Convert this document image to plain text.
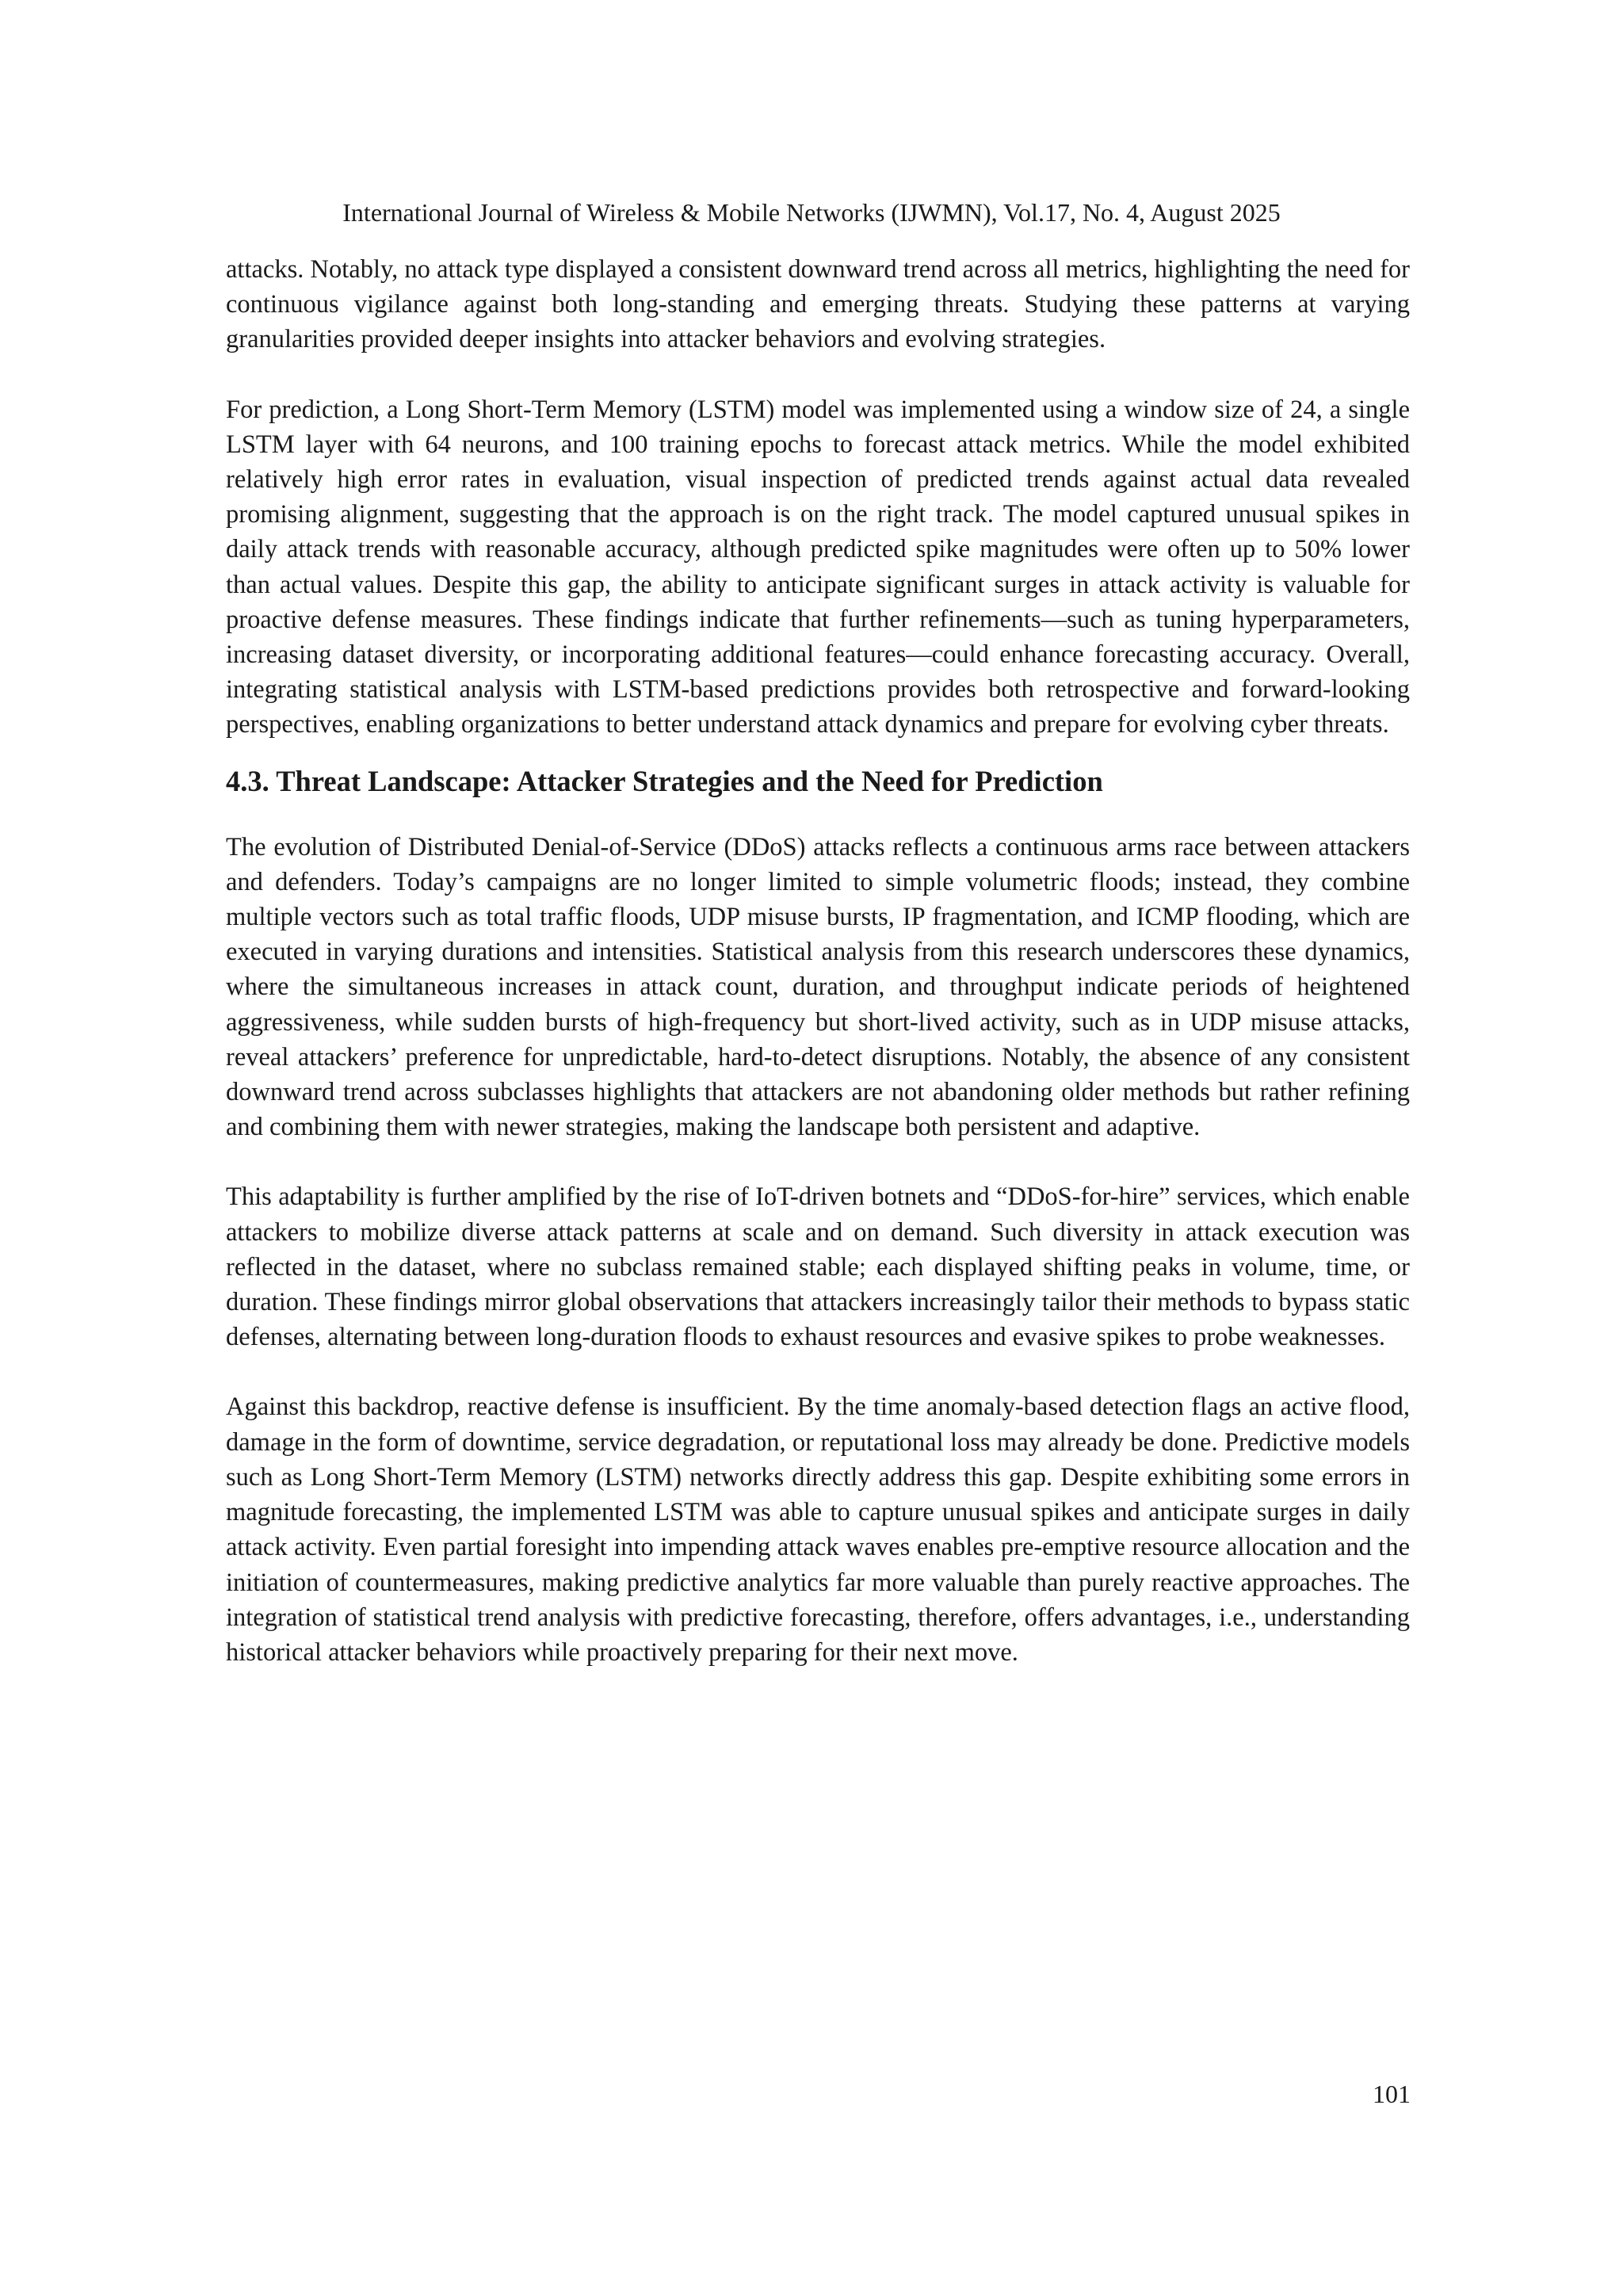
International Journal of Wireless & Mobile Networks (IJWMN), Vol.17, No. 4, August 2025

attacks. Notably, no attack type displayed a consistent downward trend across all metrics, highlighting the need for continuous vigilance against both long-standing and emerging threats. Studying these patterns at varying granularities provided deeper insights into attacker behaviors and evolving strategies.

For prediction, a Long Short-Term Memory (LSTM) model was implemented using a window size of 24, a single LSTM layer with 64 neurons, and 100 training epochs to forecast attack metrics. While the model exhibited relatively high error rates in evaluation, visual inspection of predicted trends against actual data revealed promising alignment, suggesting that the approach is on the right track. The model captured unusual spikes in daily attack trends with reasonable accuracy, although predicted spike magnitudes were often up to 50% lower than actual values. Despite this gap, the ability to anticipate significant surges in attack activity is valuable for proactive defense measures. These findings indicate that further refinements—such as tuning hyperparameters, increasing dataset diversity, or incorporating additional features—could enhance forecasting accuracy. Overall, integrating statistical analysis with LSTM-based predictions provides both retrospective and forward-looking perspectives, enabling organizations to better understand attack dynamics and prepare for evolving cyber threats.

4.3. Threat Landscape: Attacker Strategies and the Need for Prediction

The evolution of Distributed Denial-of-Service (DDoS) attacks reflects a continuous arms race between attackers and defenders. Today’s campaigns are no longer limited to simple volumetric floods; instead, they combine multiple vectors such as total traffic floods, UDP misuse bursts, IP fragmentation, and ICMP flooding, which are executed in varying durations and intensities. Statistical analysis from this research underscores these dynamics, where the simultaneous increases in attack count, duration, and throughput indicate periods of heightened aggressiveness, while sudden bursts of high-frequency but short-lived activity, such as in UDP misuse attacks, reveal attackers’ preference for unpredictable, hard-to-detect disruptions. Notably, the absence of any consistent downward trend across subclasses highlights that attackers are not abandoning older methods but rather refining and combining them with newer strategies, making the landscape both persistent and adaptive.

This adaptability is further amplified by the rise of IoT-driven botnets and “DDoS-for-hire” services, which enable attackers to mobilize diverse attack patterns at scale and on demand. Such diversity in attack execution was reflected in the dataset, where no subclass remained stable; each displayed shifting peaks in volume, time, or duration. These findings mirror global observations that attackers increasingly tailor their methods to bypass static defenses, alternating between long-duration floods to exhaust resources and evasive spikes to probe weaknesses.

Against this backdrop, reactive defense is insufficient. By the time anomaly-based detection flags an active flood, damage in the form of downtime, service degradation, or reputational loss may already be done. Predictive models such as Long Short-Term Memory (LSTM) networks directly address this gap. Despite exhibiting some errors in magnitude forecasting, the implemented LSTM was able to capture unusual spikes and anticipate surges in daily attack activity. Even partial foresight into impending attack waves enables pre-emptive resource allocation and the initiation of countermeasures, making predictive analytics far more valuable than purely reactive approaches. The integration of statistical trend analysis with predictive forecasting, therefore, offers advantages, i.e., understanding historical attacker behaviors while proactively preparing for their next move.

101
